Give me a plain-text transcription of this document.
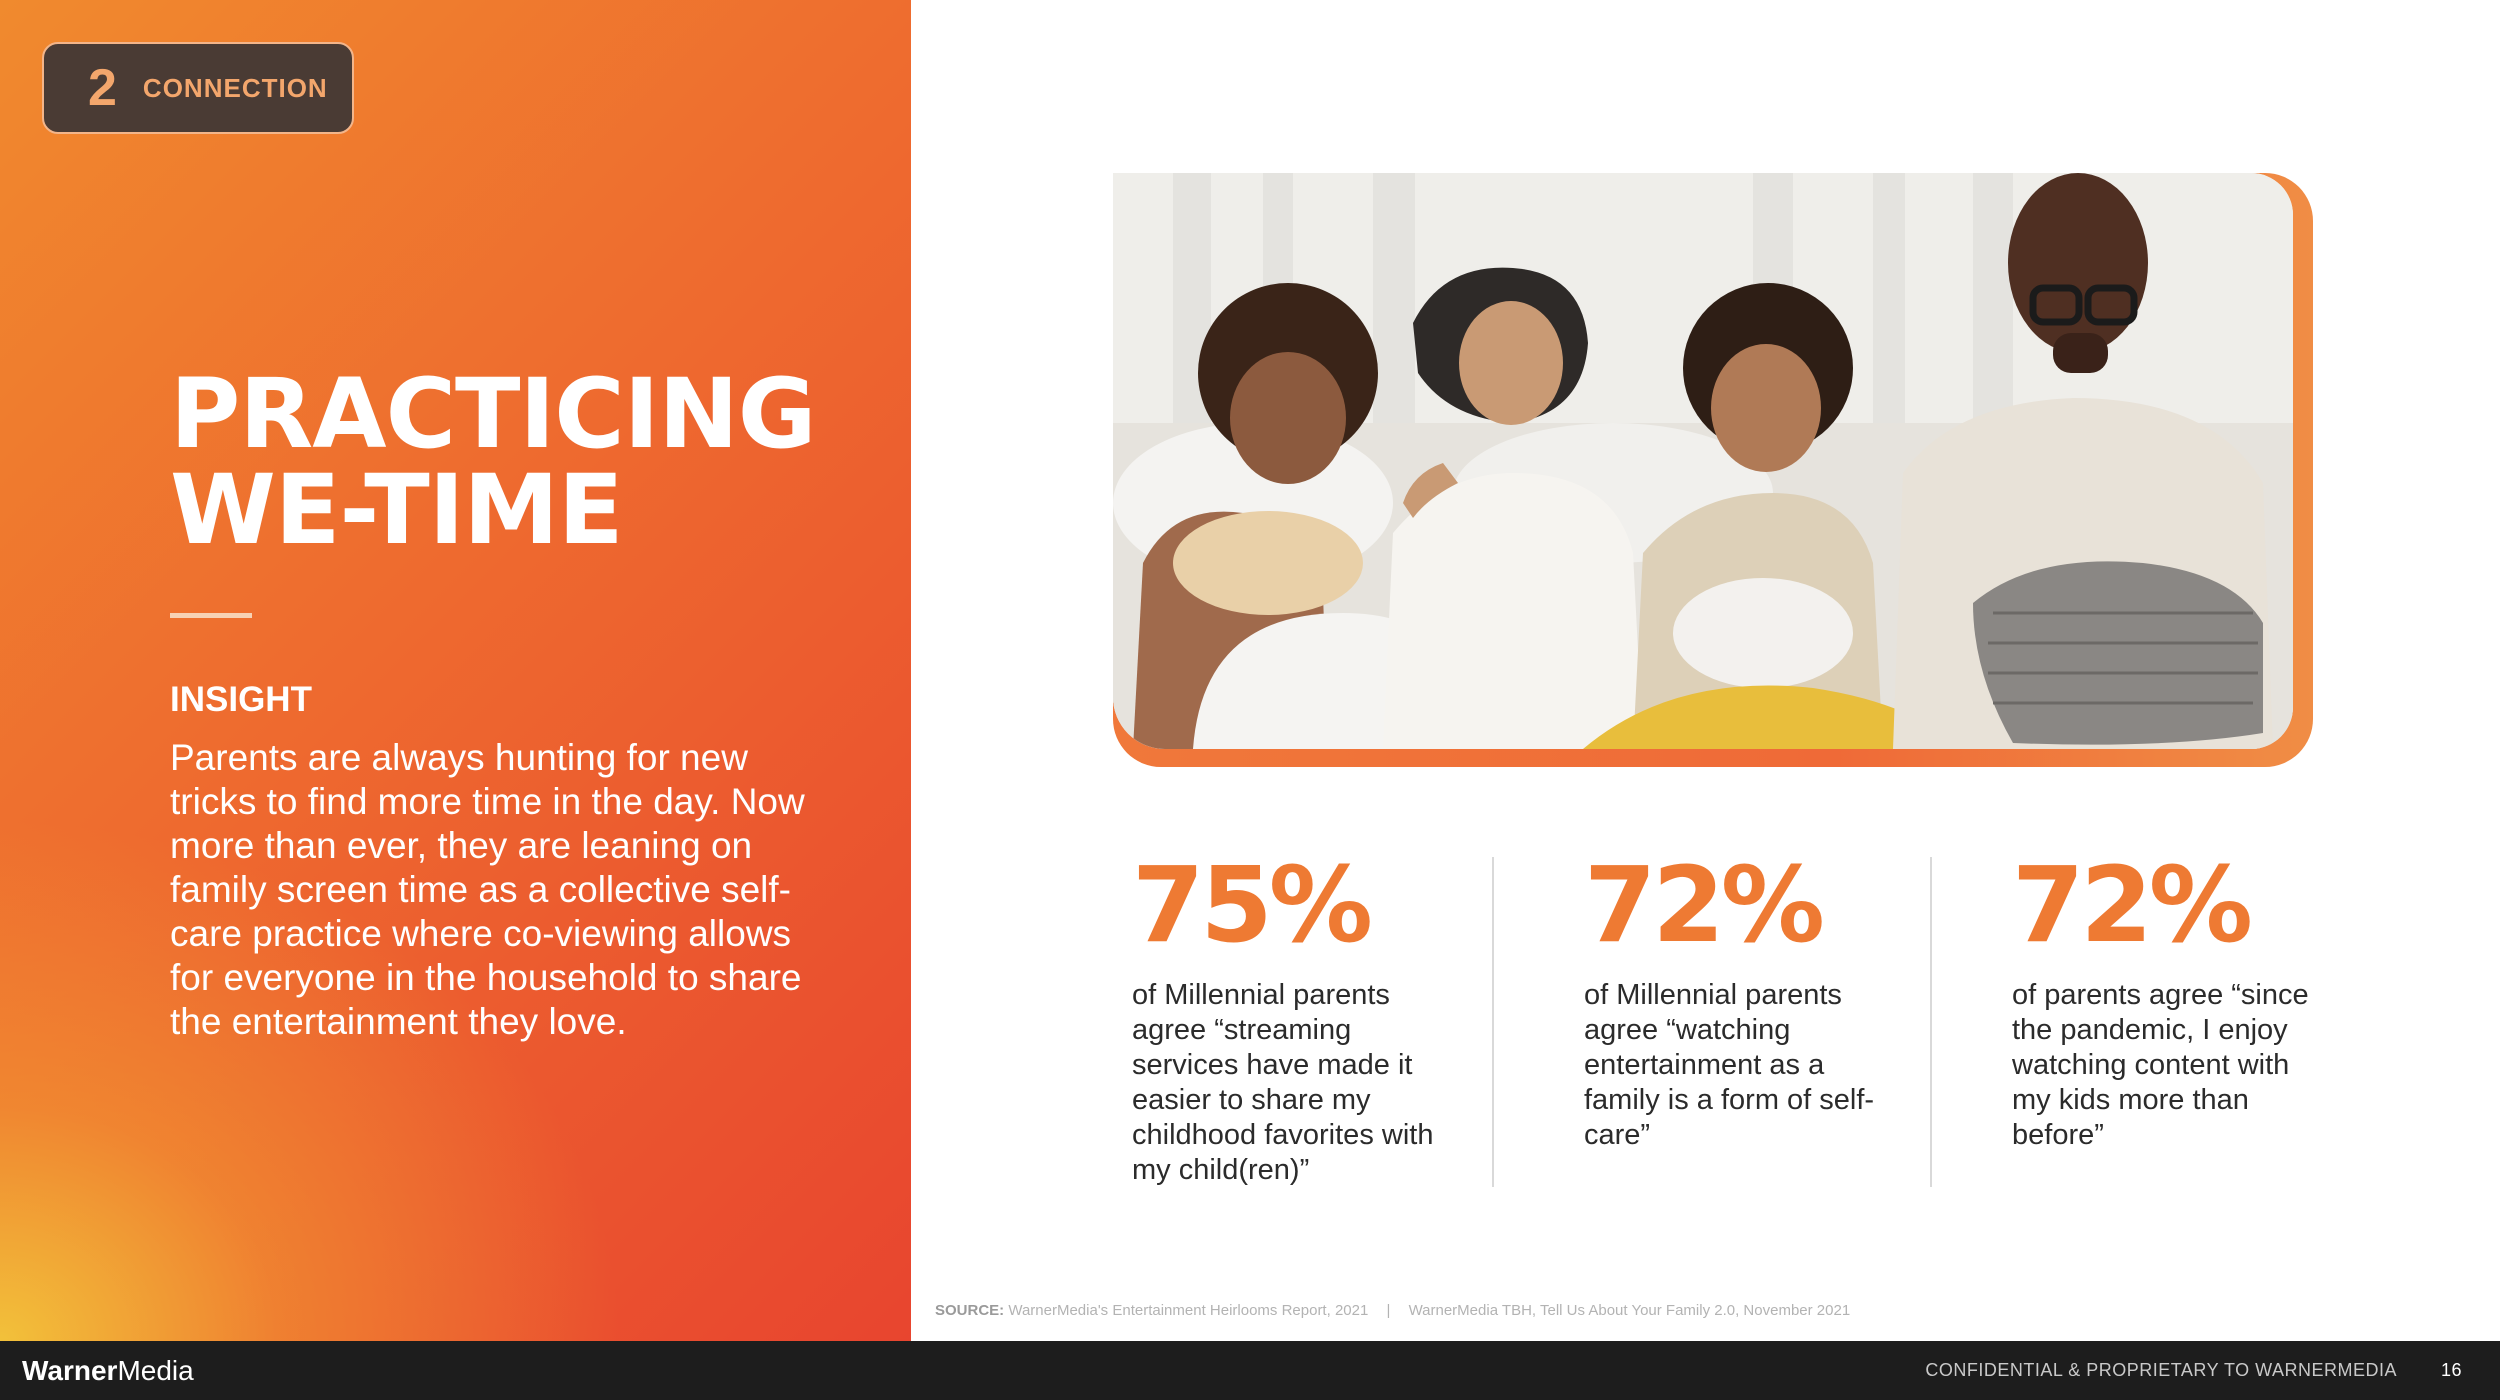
2 CONNECTION
PRACTICING
WE-TIME
INSIGHT

Parents are always hunting for new tricks to find more time in the day. Now more than ever, they are leaning on family screen time as a collective self-care practice where co-viewing allows for everyone in the household to share the entertainment they love.

75%
of Millennial parents agree “streaming services have made it easier to share my childhood favorites with my child(ren)”
72%
of Millennial parents agree “watching entertainment as a family is a form of self-care”
72%
of parents agree “since the pandemic, I enjoy watching content with my kids more than before”
SOURCE: WarnerMedia's Entertainment Heirlooms Report, 2021 | WarnerMedia TBH, Tell Us About Your Family 2.0, November 2021
WarnerMedia	CONFIDENTIAL & PROPRIETARY TO WARNERMEDIA 16
